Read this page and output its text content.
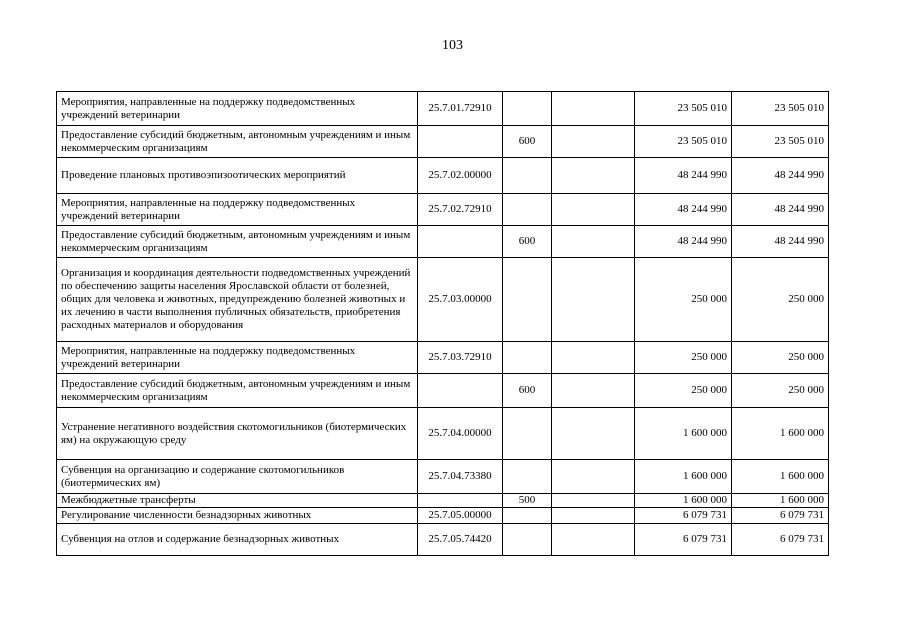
103
Мероприятия, направленные на поддержку подведомственных учреждений ветеринарии	25.7.01.72910			23 505 010	23 505 010
Предоставление субсидий бюджетным, автономным учреждениям и иным некоммерческим организациям		600		23 505 010	23 505 010
Проведение плановых противоэпизоотических мероприятий	25.7.02.00000			48 244 990	48 244 990
Мероприятия, направленные на поддержку подведомственных учреждений ветеринарии	25.7.02.72910			48 244 990	48 244 990
Предоставление субсидий бюджетным, автономным учреждениям и иным некоммерческим организациям		600		48 244 990	48 244 990
Организация и координация деятельности подведомственных учреждений по обеспечению защиты населения Ярославской области от болезней, общих для человека и животных, предупреждению болезней животных и их лечению в части выполнения публичных обязательств, приобретения расходных материалов и оборудования	25.7.03.00000			250 000	250 000
Мероприятия, направленные на поддержку подведомственных учреждений ветеринарии	25.7.03.72910			250 000	250 000
Предоставление субсидий бюджетным, автономным учреждениям и иным некоммерческим организациям		600		250 000	250 000
Устранение негативного воздействия скотомогильников (биотермических ям) на окружающую среду	25.7.04.00000			1 600 000	1 600 000
Субвенция на организацию и содержание скотомогильников (биотермических ям)	25.7.04.73380			1 600 000	1 600 000
Межбюджетные трансферты		500		1 600 000	1 600 000
Регулирование численности безнадзорных животных	25.7.05.00000			6 079 731	6 079 731
Субвенция на отлов и содержание безнадзорных животных	25.7.05.74420			6 079 731	6 079 731
